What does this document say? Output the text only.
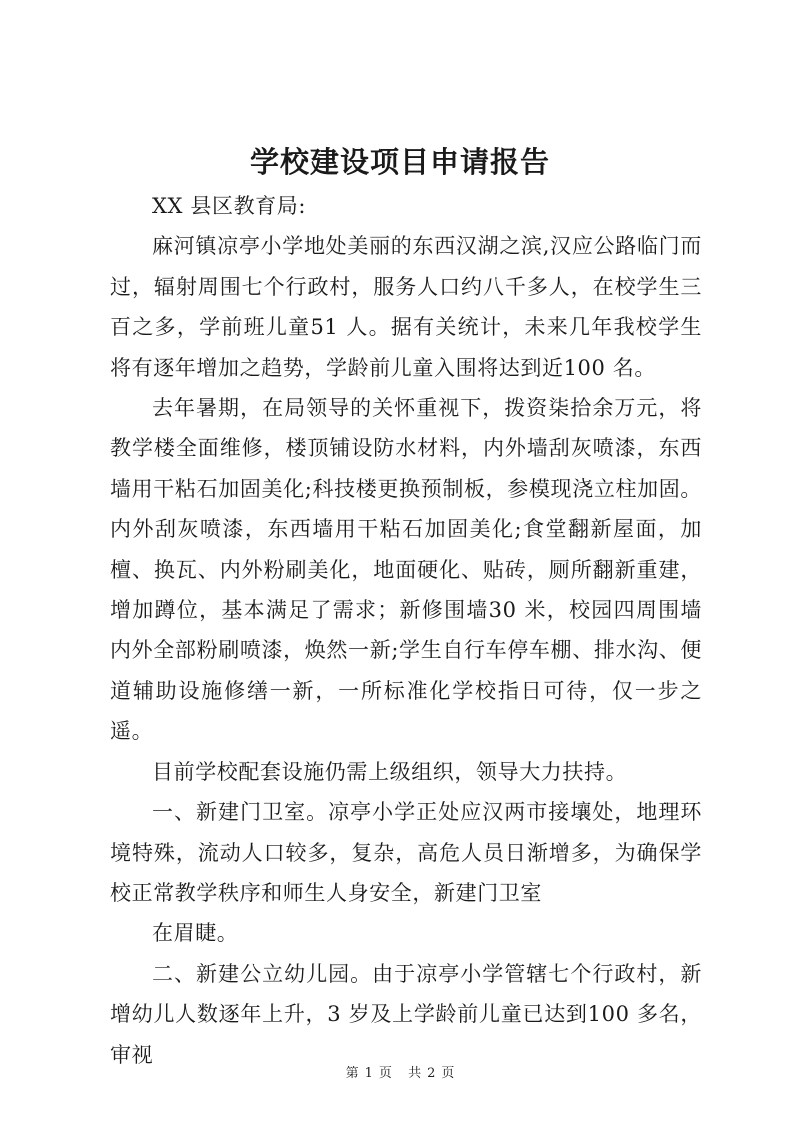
学校建设项目申请报告

XX 县区教育局:

麻河镇凉亭小学地处美丽的东西汉湖之滨,汉应公路临门而过，辐射周围七个行政村，服务人口约八千多人，在校学生三百之多，学前班儿童51 人。据有关统计，未来几年我校学生将有逐年增加之趋势，学龄前儿童入围将达到近100 名。

去年暑期，在局领导的关怀重视下，拨资柒拾余万元，将教学楼全面维修，楼顶铺设防水材料，内外墙刮灰喷漆，东西墙用干粘石加固美化;科技楼更换预制板，参模现浇立柱加固。内外刮灰喷漆，东西墙用干粘石加固美化;食堂翻新屋面，加檀、换瓦、内外粉刷美化，地面硬化、贴砖，厕所翻新重建，增加蹲位，基本满足了需求；新修围墙30 米，校园四周围墙内外全部粉刷喷漆，焕然一新;学生自行车停车棚、排水沟、便道辅助设施修缮一新，一所标准化学校指日可待，仅一步之遥。

目前学校配套设施仍需上级组织，领导大力扶持。

一、新建门卫室。凉亭小学正处应汉两市接壤处，地理环境特殊，流动人口较多，复杂，高危人员日渐增多，为确保学校正常教学秩序和师生人身安全，新建门卫室

在眉睫。

二、新建公立幼儿园。由于凉亭小学管辖七个行政村，新增幼儿人数逐年上升，3 岁及上学龄前儿童已达到100 多名，审视

第 1 页 共 2 页
